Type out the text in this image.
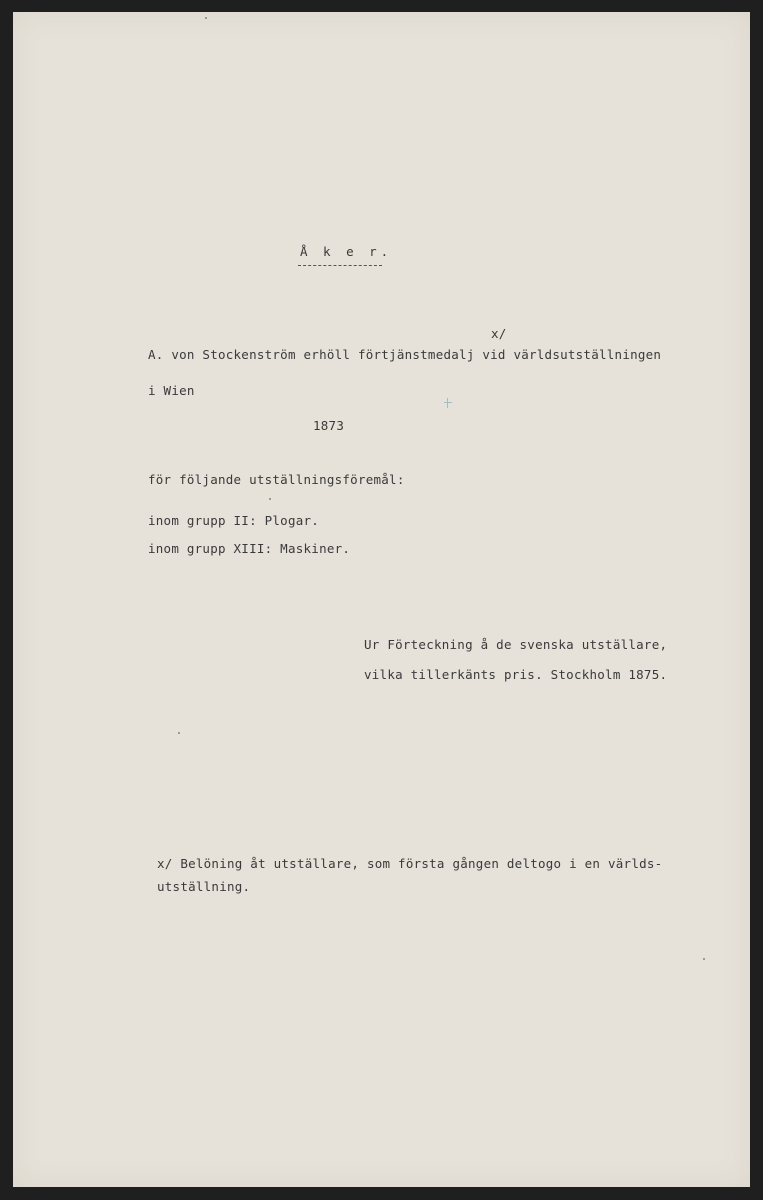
Å k e r.
x/
A. von Stockenström erhöll förtjänstmedalj vid världsutställningen
i Wien
1873
för följande utställningsföremål:
inom grupp II: Plogar.
inom grupp XIII: Maskiner.
Ur Förteckning å de svenska utställare,
vilka tillerkänts pris. Stockholm 1875.
x/ Belöning åt utställare, som första gången deltogo i en världs-
utställning.
